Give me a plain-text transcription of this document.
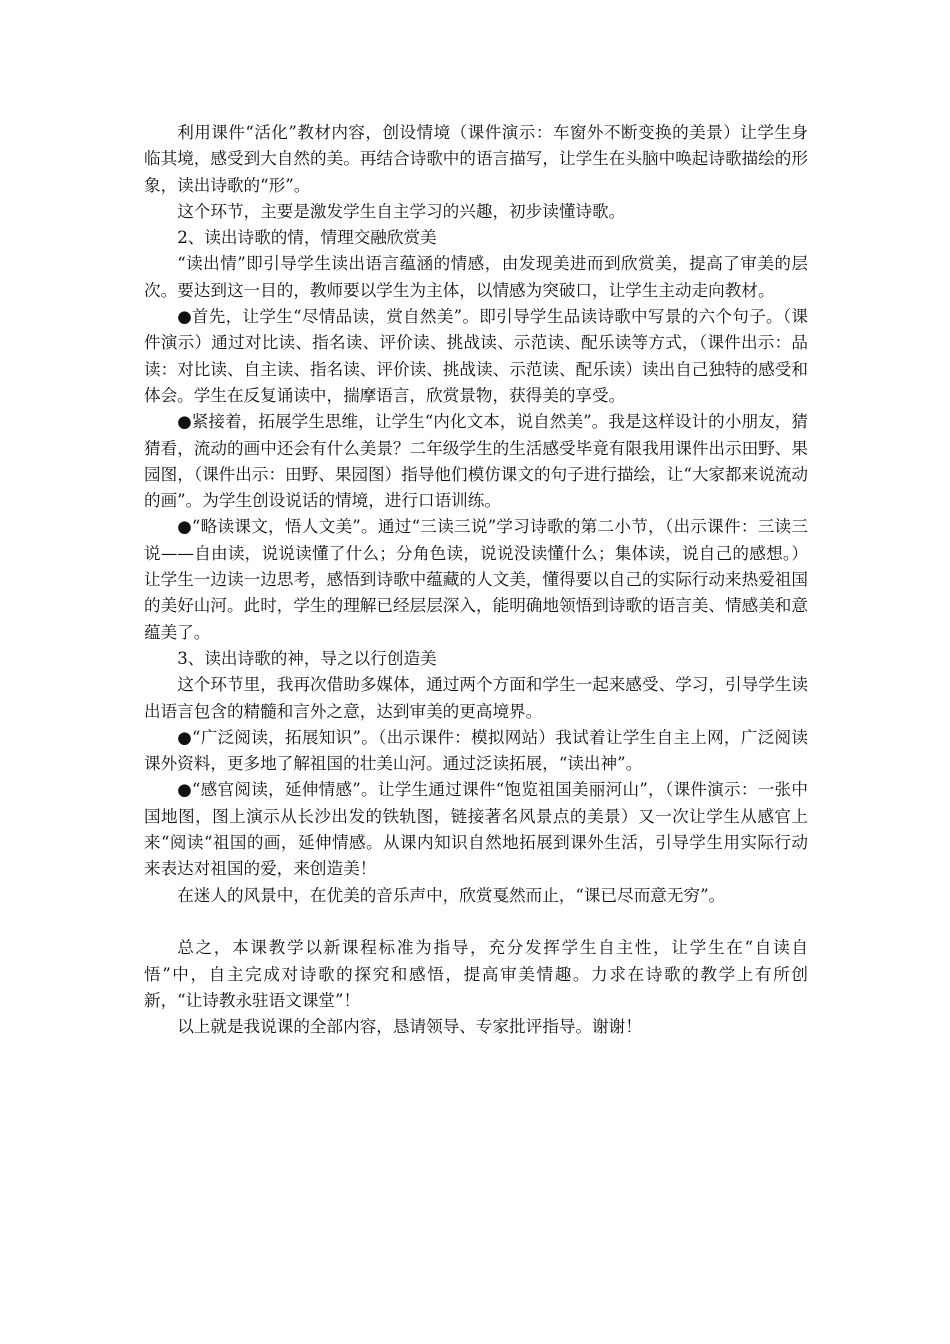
利用课件“活化”教材内容，创设情境（课件演示：车窗外不断变换的美景）让学生身临其境，感受到大自然的美。再结合诗歌中的语言描写，让学生在头脑中唤起诗歌描绘的形象，读出诗歌的“形”。

这个环节，主要是激发学生自主学习的兴趣，初步读懂诗歌。

2、读出诗歌的情，情理交融欣赏美

“读出情”即引导学生读出语言蕴涵的情感，由发现美进而到欣赏美，提高了审美的层次。要达到这一目的，教师要以学生为主体，以情感为突破口，让学生主动走向教材。

●首先，让学生“尽情品读，赏自然美”。即引导学生品读诗歌中写景的六个句子。（课件演示）通过对比读、指名读、评价读、挑战读、示范读、配乐读等方式，（课件出示：品读：对比读、自主读、指名读、评价读、挑战读、示范读、配乐读）读出自己独特的感受和体会。学生在反复诵读中，揣摩语言，欣赏景物，获得美的享受。

●紧接着，拓展学生思维，让学生“内化文本，说自然美”。我是这样设计的小朋友，猜猜看，流动的画中还会有什么美景？二年级学生的生活感受毕竟有限我用课件出示田野、果园图，（课件出示：田野、果园图）指导他们模仿课文的句子进行描绘，让“大家都来说流动的画”。为学生创设说话的情境，进行口语训练。

●“略读课文，悟人文美”。通过“三读三说”学习诗歌的第二小节，（出示课件：三读三说——自由读，说说读懂了什么；分角色读，说说没读懂什么；集体读，说自己的感想。）让学生一边读一边思考，感悟到诗歌中蕴藏的人文美，懂得要以自己的实际行动来热爱祖国的美好山河。此时，学生的理解已经层层深入，能明确地领悟到诗歌的语言美、情感美和意蕴美了。

3、读出诗歌的神，导之以行创造美

这个环节里，我再次借助多媒体，通过两个方面和学生一起来感受、学习，引导学生读出语言包含的精髓和言外之意，达到审美的更高境界。

●“广泛阅读，拓展知识”。（出示课件：模拟网站）我试着让学生自主上网，广泛阅读课外资料，更多地了解祖国的壮美山河。通过泛读拓展，“读出神”。

●“感官阅读，延伸情感”。让学生通过课件“饱览祖国美丽河山”，（课件演示：一张中国地图，图上演示从长沙出发的铁轨图，链接著名风景点的美景）又一次让学生从感官上来“阅读“祖国的画，延伸情感。从课内知识自然地拓展到课外生活，引导学生用实际行动来表达对祖国的爱，来创造美！

在迷人的风景中，在优美的音乐声中，欣赏戛然而止，“课已尽而意无穷”。

总之，本课教学以新课程标准为指导，充分发挥学生自主性，让学生在“自读自悟”中，自主完成对诗歌的探究和感悟，提高审美情趣。力求在诗歌的教学上有所创新，“让诗教永驻语文课堂”！

以上就是我说课的全部内容，恳请领导、专家批评指导。谢谢！
